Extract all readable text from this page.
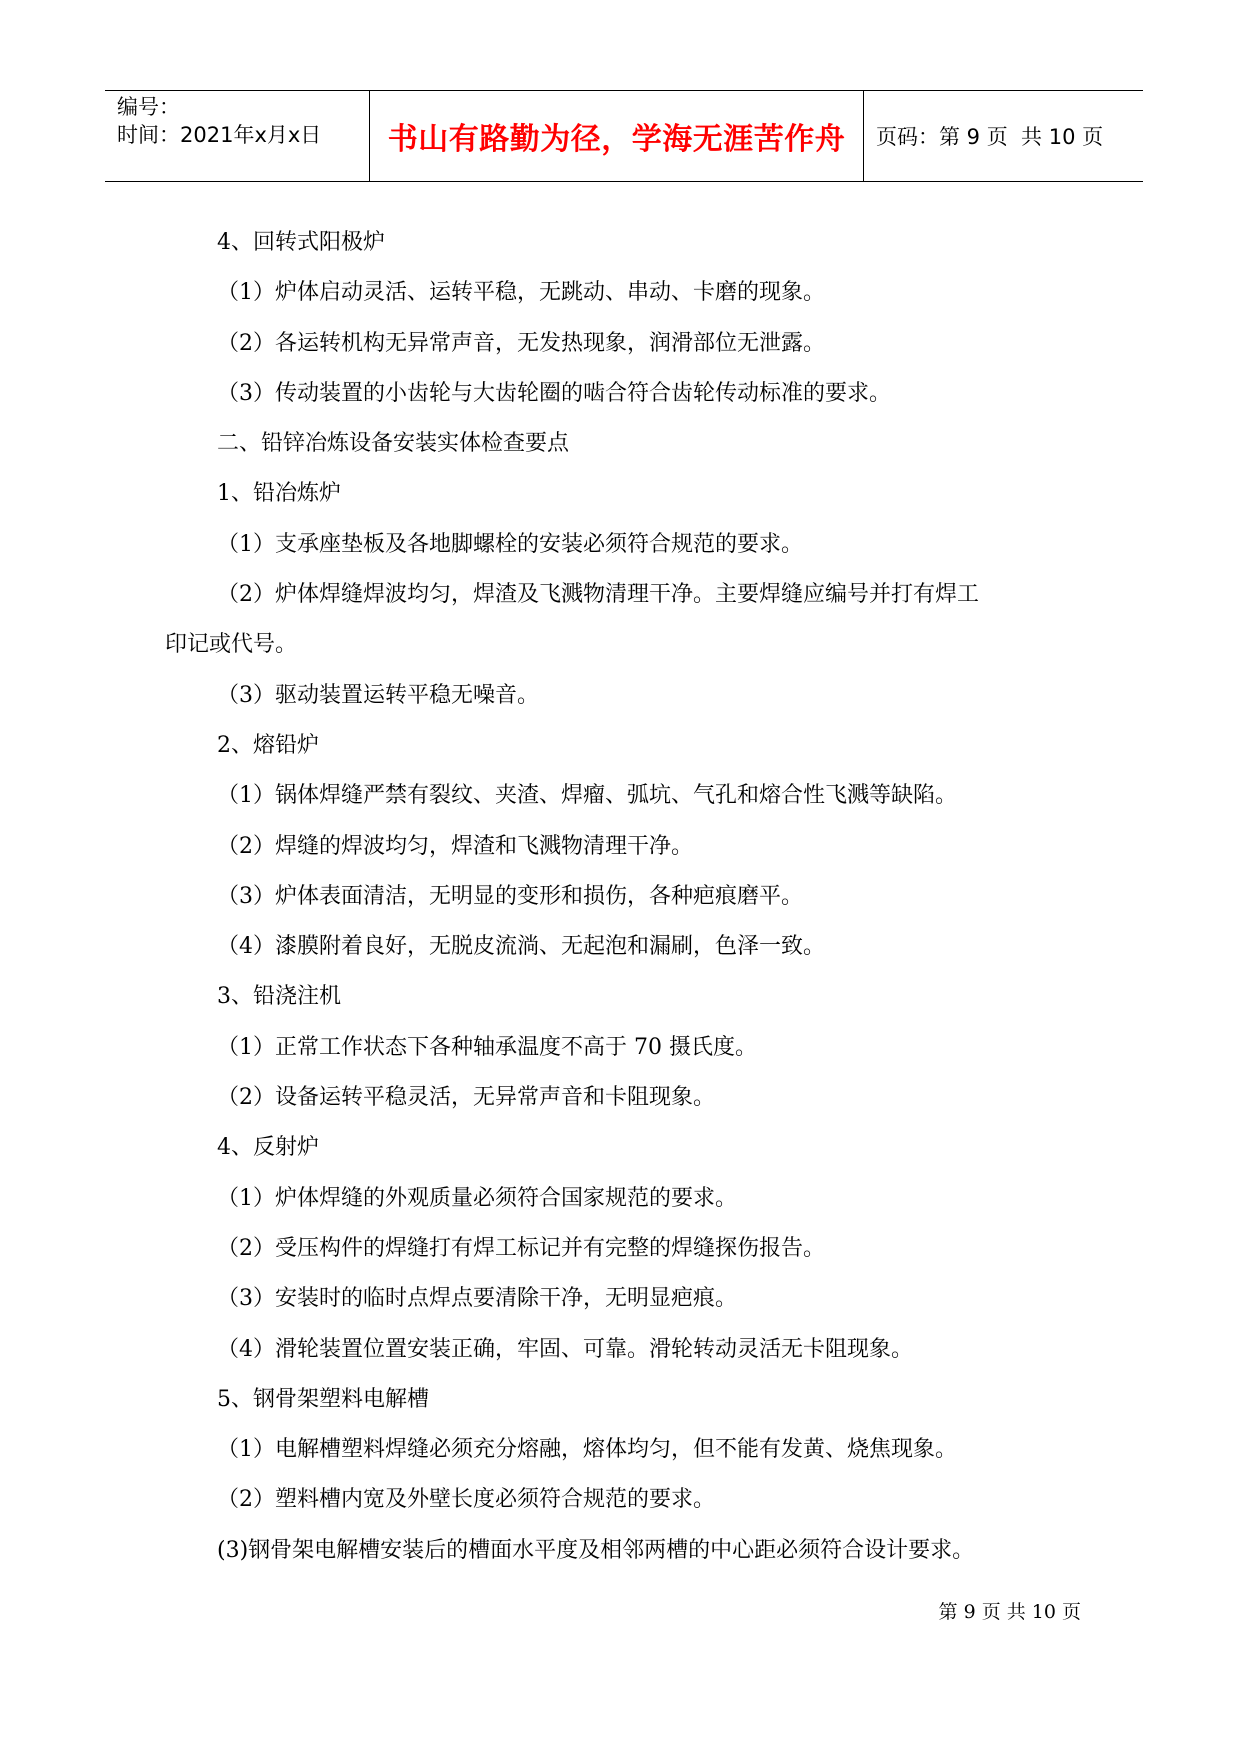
编号：
时间：2021年x月x日	书山有路勤为径，学海无涯苦作舟 页码：第 9 页  共 10 页
4、回转式阳极炉
（1）炉体启动灵活、运转平稳，无跳动、串动、卡磨的现象。
（2）各运转机构无异常声音，无发热现象，润滑部位无泄露。
（3）传动装置的小齿轮与大齿轮圈的啮合符合齿轮传动标准的要求。
二、铅锌冶炼设备安装实体检查要点
1、铅冶炼炉
（1）支承座垫板及各地脚螺栓的安装必须符合规范的要求。
（2）炉体焊缝焊波均匀，焊渣及飞溅物清理干净。主要焊缝应编号并打有焊工
印记或代号。
（3）驱动装置运转平稳无噪音。
2、熔铅炉
（1）锅体焊缝严禁有裂纹、夹渣、焊瘤、弧坑、气孔和熔合性飞溅等缺陷。
（2）焊缝的焊波均匀，焊渣和飞溅物清理干净。
（3）炉体表面清洁，无明显的变形和损伤，各种疤痕磨平。
（4）漆膜附着良好，无脱皮流淌、无起泡和漏刷，色泽一致。
3、铅浇注机
（1）正常工作状态下各种轴承温度不高于 70 摄氏度。
（2）设备运转平稳灵活，无异常声音和卡阻现象。
4、反射炉
（1）炉体焊缝的外观质量必须符合国家规范的要求。
（2）受压构件的焊缝打有焊工标记并有完整的焊缝探伤报告。
（3）安装时的临时点焊点要清除干净，无明显疤痕。
（4）滑轮装置位置安装正确，牢固、可靠。滑轮转动灵活无卡阻现象。
5、钢骨架塑料电解槽
（1）电解槽塑料焊缝必须充分熔融，熔体均匀，但不能有发黄、烧焦现象。
（2）塑料槽内宽及外壁长度必须符合规范的要求。
(3)钢骨架电解槽安装后的槽面水平度及相邻两槽的中心距必须符合设计要求。
第 9 页 共 10 页
